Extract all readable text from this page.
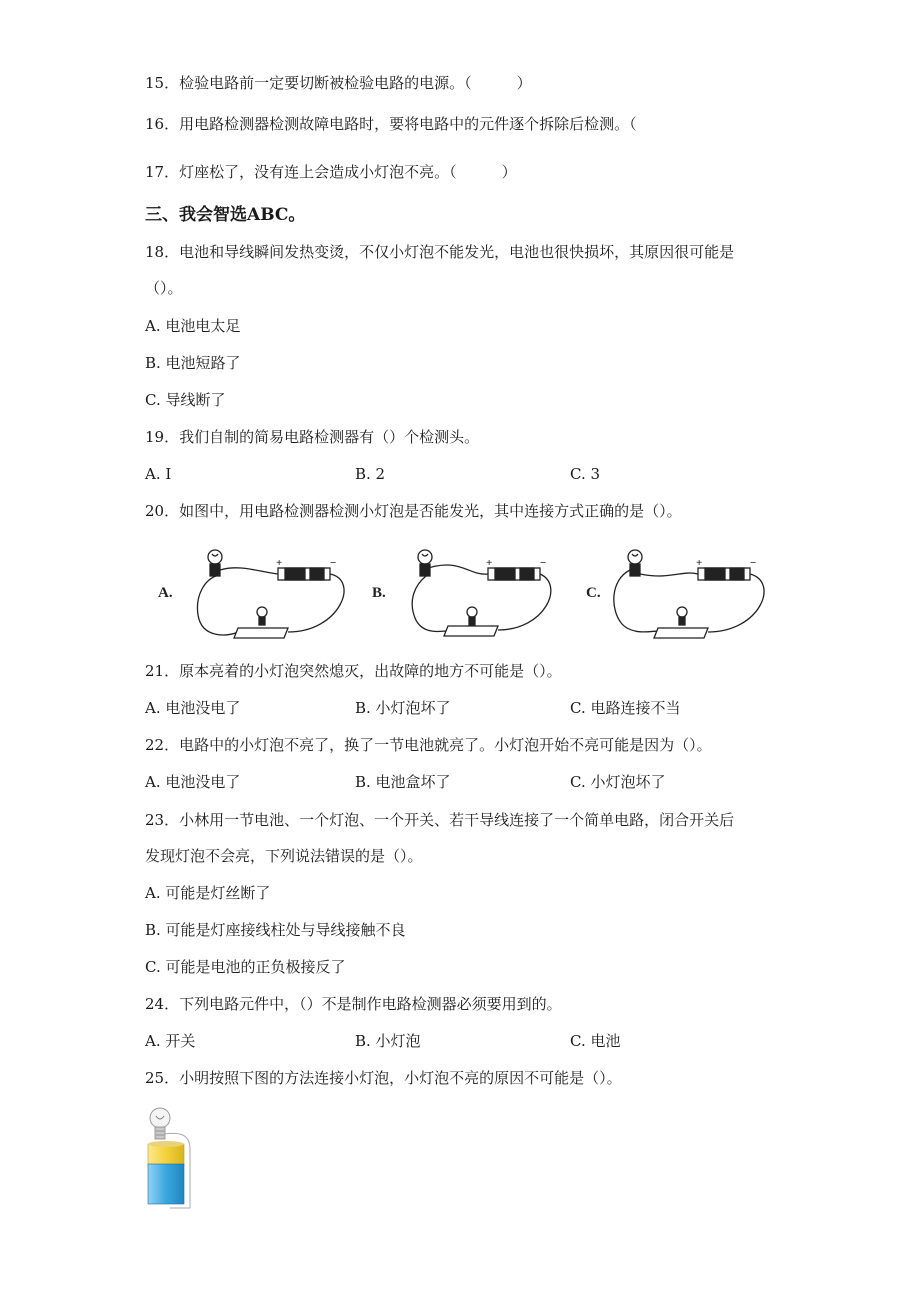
15．检验电路前一定要切断被检验电路的电源。（　　　）
16．用电路检测器检测故障电路时，要将电路中的元件逐个拆除后检测。（
17．灯座松了，没有连上会造成小灯泡不亮。（　　　）
三、我会智选ABC。
18．电池和导线瞬间发热变烫，不仅小灯泡不能发光，电池也很快损坏，其原因很可能是
（）。
A. 电池电太足
B. 电池短路了
C. 导线断了
19．我们自制的简易电路检测器有（）个检测头。
A. I	B. 2	C. 3
20．如图中，用电路检测器检测小灯泡是否能发光，其中连接方式正确的是（）。
+	−	+	−	+	−
A.	B.	C.
21．原本亮着的小灯泡突然熄灭，出故障的地方不可能是（）。
A. 电池没电了	B. 小灯泡坏了	C. 电路连接不当
22．电路中的小灯泡不亮了，换了一节电池就亮了。小灯泡开始不亮可能是因为（）。
A. 电池没电了	B. 电池盒坏了	C. 小灯泡坏了
23．小林用一节电池、一个灯泡、一个开关、若干导线连接了一个简单电路，闭合开关后
发现灯泡不会亮，下列说法错误的是（）。
A. 可能是灯丝断了
B. 可能是灯座接线柱处与导线接触不良
C. 可能是电池的正负极接反了
24．下列电路元件中，（）不是制作电路检测器必须要用到的。
A. 开关	B. 小灯泡	C. 电池
25．小明按照下图的方法连接小灯泡，小灯泡不亮的原因不可能是（）。
